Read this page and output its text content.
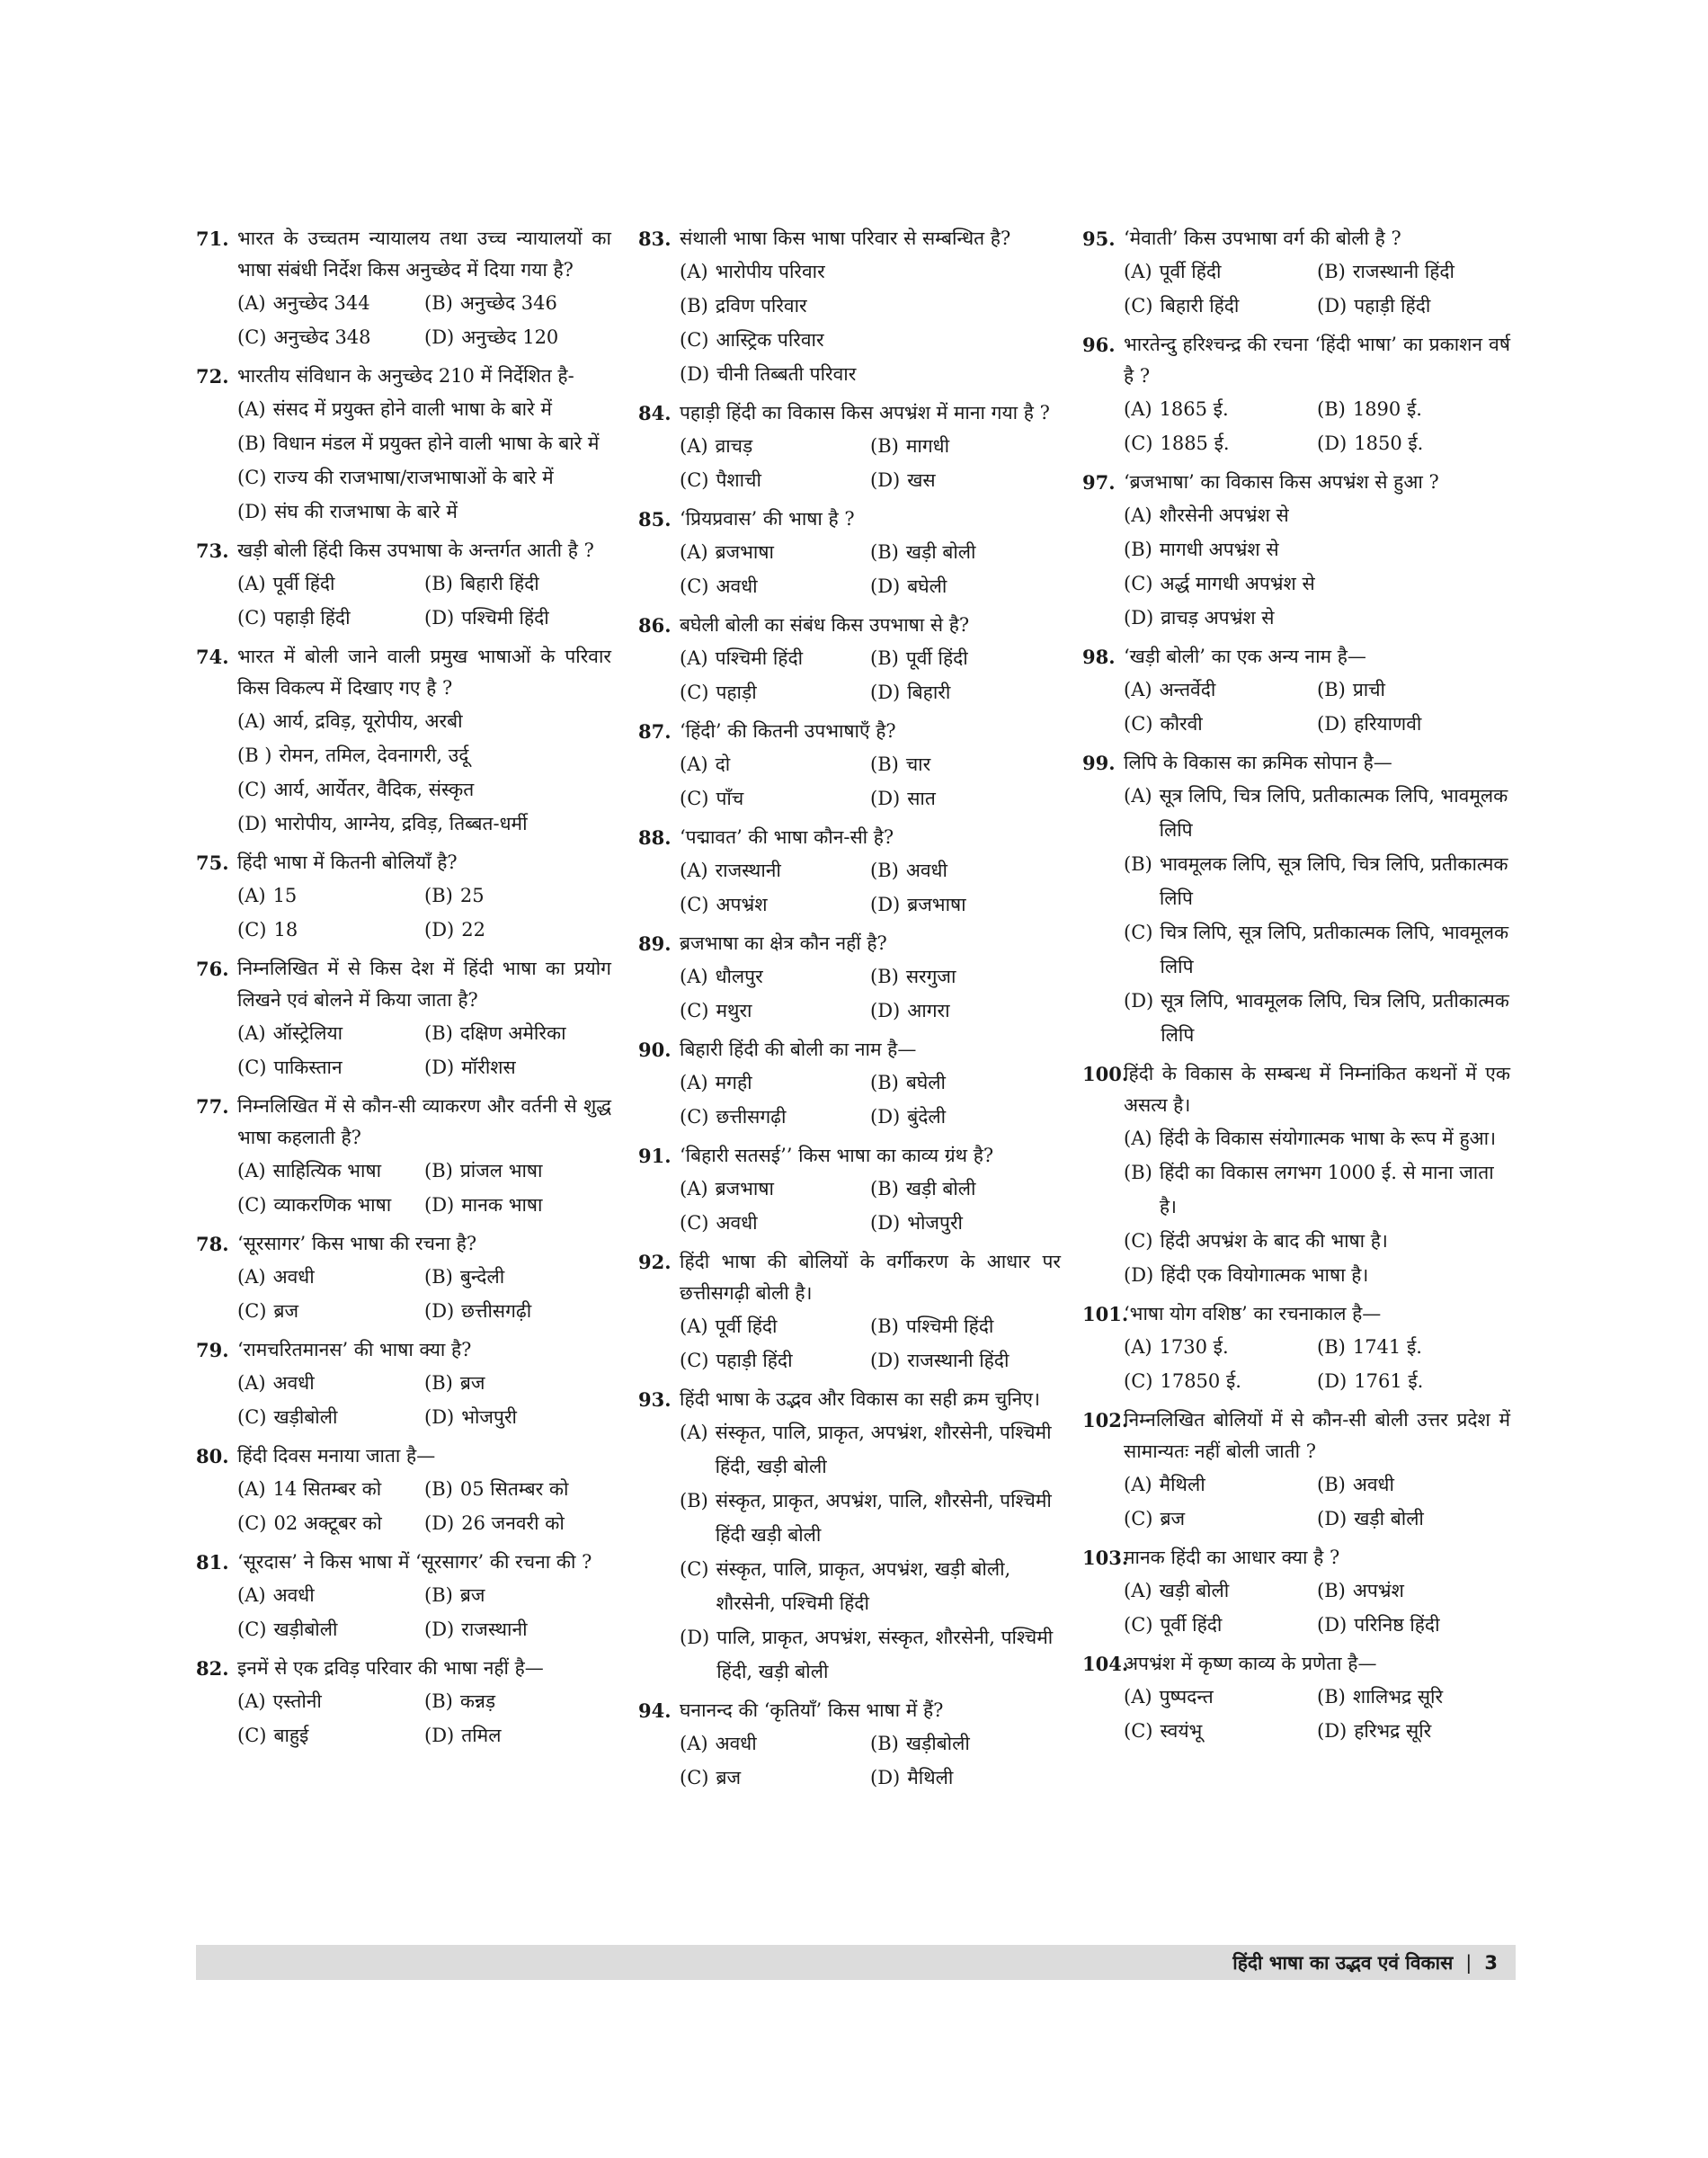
71. भारत के उच्चतम न्यायालय तथा उच्च न्यायालयों का भाषा संबंधी निर्देश किस अनुच्छेद में दिया गया है?
(A) अनुच्छेद 344	(B) अनुच्छेद 346
(C) अनुच्छेद 348	(D) अनुच्छेद 120
72. भारतीय संविधान के अनुच्छेद 210 में निर्देशित है-
(A) संसद में प्रयुक्त होने वाली भाषा के बारे में
(B) विधान मंडल में प्रयुक्त होने वाली भाषा के बारे में
(C) राज्य की राजभाषा/राजभाषाओं के बारे में
(D) संघ की राजभाषा के बारे में
73. खड़ी बोली हिंदी किस उपभाषा के अन्तर्गत आती है ?
(A) पूर्वी हिंदी	(B) बिहारी हिंदी
(C) पहाड़ी हिंदी	(D) पश्चिमी हिंदी
74. भारत में बोली जाने वाली प्रमुख भाषाओं के परिवार किस विकल्प में दिखाए गए है ?
(A) आर्य, द्रविड़, यूरोपीय, अरबी
(B ) रोमन, तमिल, देवनागरी, उर्दू
(C) आर्य, आर्येतर, वैदिक, संस्कृत
(D) भारोपीय, आग्नेय, द्रविड़, तिब्बत-धर्मी
75. हिंदी भाषा में कितनी बोलियाँ है?
(A) 15	(B) 25
(C) 18	(D) 22
76. निम्नलिखित में से किस देश में हिंदी भाषा का प्रयोग लिखने एवं बोलने में किया जाता है?
(A) ऑस्ट्रेलिया	(B) दक्षिण अमेरिका
(C) पाकिस्तान	(D) मॉरीशस
77. निम्नलिखित में से कौन-सी व्याकरण और वर्तनी से शुद्ध भाषा कहलाती है?
(A) साहित्यिक भाषा	(B) प्रांजल भाषा
(C) व्याकरणिक भाषा	(D) मानक भाषा
78. ‘सूरसागर’ किस भाषा की रचना है?
(A) अवधी	(B) बुन्देली
(C) ब्रज	(D) छत्तीसगढ़ी
79. ‘रामचरितमानस’ की भाषा क्या है?
(A) अवधी	(B) ब्रज
(C) खड़ीबोली	(D) भोजपुरी
80. हिंदी दिवस मनाया जाता है—
(A) 14 सितम्बर को	(B) 05 सितम्बर को
(C) 02 अक्टूबर को	(D) 26 जनवरी को
81. ‘सूरदास’ ने किस भाषा में ‘सूरसागर’ की रचना की ?
(A) अवधी	(B) ब्रज
(C) खड़ीबोली	(D) राजस्थानी
82. इनमें से एक द्रविड़ परिवार की भाषा नहीं है—
(A) एस्तोनी	(B) कन्नड़
(C) बाहुई	(D) तमिल
83. संथाली भाषा किस भाषा परिवार से सम्बन्धित है?
(A) भारोपीय परिवार
(B) द्रविण परिवार
(C) आस्ट्रिक परिवार
(D) चीनी तिब्बती परिवार
84. पहाड़ी हिंदी का विकास किस अपभ्रंश में माना गया है ?
(A) व्राचड़	(B) मागधी
(C) पैशाची	(D) खस
85. ‘प्रियप्रवास’ की भाषा है ?
(A) ब्रजभाषा	(B) खड़ी बोली
(C) अवधी	(D) बघेली
86. बघेली बोली का संबंध किस उपभाषा से है?
(A) पश्चिमी हिंदी	(B) पूर्वी हिंदी
(C) पहाड़ी	(D) बिहारी
87. ‘हिंदी’ की कितनी उपभाषाएँ है?
(A) दो	(B) चार
(C) पाँच	(D) सात
88. ‘पद्मावत’ की भाषा कौन-सी है?
(A) राजस्थानी	(B) अवधी
(C) अपभ्रंश	(D) ब्रजभाषा
89. ब्रजभाषा का क्षेत्र कौन नहीं है?
(A) धौलपुर	(B) सरगुजा
(C) मथुरा	(D) आगरा
90. बिहारी हिंदी की बोली का नाम है—
(A) मगही	(B) बघेली
(C) छत्तीसगढ़ी	(D) बुंदेली
91. ‘बिहारी सतसई’’ किस भाषा का काव्य ग्रंथ है?
(A) ब्रजभाषा	(B) खड़ी बोली
(C) अवधी	(D) भोजपुरी
92. हिंदी भाषा की बोलियों के वर्गीकरण के आधार पर छत्तीसगढ़ी बोली है।
(A) पूर्वी हिंदी	(B) पश्चिमी हिंदी
(C) पहाड़ी हिंदी	(D) राजस्थानी हिंदी
93. हिंदी भाषा के उद्भव और विकास का सही क्रम चुनिए।
(A) संस्कृत, पालि, प्राकृत, अपभ्रंश, शौरसेनी, पश्चिमी हिंदी, खड़ी बोली
(B) संस्कृत, प्राकृत, अपभ्रंश, पालि, शौरसेनी, पश्चिमी हिंदी खड़ी बोली
(C) संस्कृत, पालि, प्राकृत, अपभ्रंश, खड़ी बोली, शौरसेनी, पश्चिमी हिंदी
(D) पालि, प्राकृत, अपभ्रंश, संस्कृत, शौरसेनी, पश्चिमी हिंदी, खड़ी बोली
94. घनानन्द की ‘कृतियाँ’ किस भाषा में हैं?
(A) अवधी	(B) खड़ीबोली
(C) ब्रज	(D) मैथिली
95. ‘मेवाती’ किस उपभाषा वर्ग की बोली है ?
(A) पूर्वी हिंदी	(B) राजस्थानी हिंदी
(C) बिहारी हिंदी	(D) पहाड़ी हिंदी
96. भारतेन्दु हरिश्चन्द्र की रचना ‘हिंदी भाषा’ का प्रकाशन वर्ष है ?
(A) 1865 ई.	(B) 1890 ई.
(C) 1885 ई.	(D) 1850 ई.
97. ‘ब्रजभाषा’ का विकास किस अपभ्रंश से हुआ ?
(A) शौरसेनी अपभ्रंश से
(B) मागधी अपभ्रंश से
(C) अर्द्ध मागधी अपभ्रंश से
(D) व्राचड़ अपभ्रंश से
98. ‘खड़ी बोली’ का एक अन्य नाम है—
(A) अन्तर्वेदी	(B) प्राची
(C) कौरवी	(D) हरियाणवी
99. लिपि के विकास का क्रमिक सोपान है—
(A) सूत्र लिपि, चित्र लिपि, प्रतीकात्मक लिपि, भावमूलक लिपि
(B) भावमूलक लिपि, सूत्र लिपि, चित्र लिपि, प्रतीकात्मक लिपि
(C) चित्र लिपि, सूत्र लिपि, प्रतीकात्मक लिपि, भावमूलक लिपि
(D) सूत्र लिपि, भावमूलक लिपि, चित्र लिपि, प्रतीकात्मक लिपि
100.
हिंदी के विकास के सम्बन्ध में निम्नांकित कथनों में एक असत्य है।
(A) हिंदी के विकास संयोगात्मक भाषा के रूप में हुआ।
(B) हिंदी का विकास लगभग 1000 ई. से माना जाता है।
(C) हिंदी अपभ्रंश के बाद की भाषा है।
(D) हिंदी एक वियोगात्मक भाषा है।
101.
‘भाषा योग वशिष्ठ’ का रचनाकाल है—
(A) 1730 ई.	(B) 1741 ई.
(C) 17850 ई.	(D) 1761 ई.
102.
निम्नलिखित बोलियों में से कौन-सी बोली उत्तर प्रदेश में सामान्यतः नहीं बोली जाती ?
(A) मैथिली	(B) अवधी
(C) ब्रज	(D) खड़ी बोली
103.
मानक हिंदी का आधार क्या है ?
(A) खड़ी बोली	(B) अपभ्रंश
(C) पूर्वी हिंदी	(D) परिनिष्ठ हिंदी
104.
अपभ्रंश में कृष्ण काव्य के प्रणेता है—
(A) पुष्पदन्त	(B) शालिभद्र सूरि
(C) स्वयंभू	(D) हरिभद्र सूरि
हिंदी भाषा का उद्भव एवं विकास | 3
